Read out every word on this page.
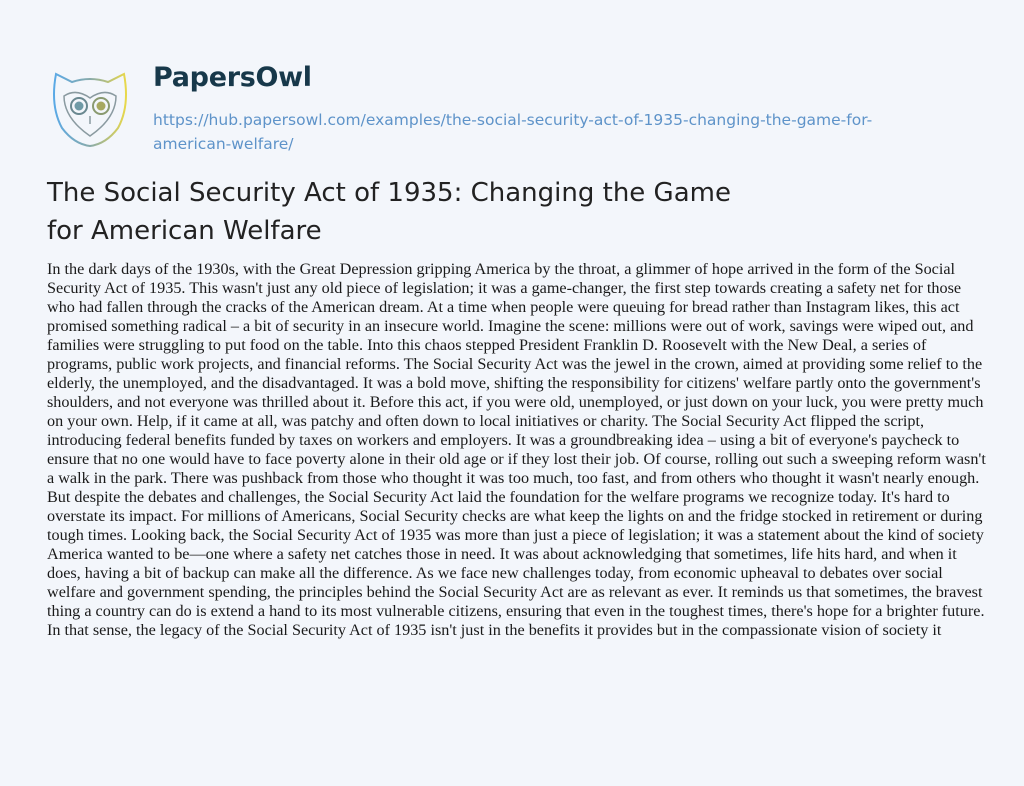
PapersOwl
https://hub.papersowl.com/examples/the-social-security-act-of-1935-changing-the-game-for-
american-welfare/
The Social Security Act of 1935: Changing the Game
for American Welfare
In the dark days of the 1930s, with the Great Depression gripping America by the throat, a glimmer of hope arrived in the form of the Social
Security Act of 1935. This wasn't just any old piece of legislation; it was a game-changer, the first step towards creating a safety net for those
who had fallen through the cracks of the American dream. At a time when people were queuing for bread rather than Instagram likes, this act
promised something radical – a bit of security in an insecure world. Imagine the scene: millions were out of work, savings were wiped out, and
families were struggling to put food on the table. Into this chaos stepped President Franklin D. Roosevelt with the New Deal, a series of
programs, public work projects, and financial reforms. The Social Security Act was the jewel in the crown, aimed at providing some relief to the
elderly, the unemployed, and the disadvantaged. It was a bold move, shifting the responsibility for citizens' welfare partly onto the government's
shoulders, and not everyone was thrilled about it. Before this act, if you were old, unemployed, or just down on your luck, you were pretty much
on your own. Help, if it came at all, was patchy and often down to local initiatives or charity. The Social Security Act flipped the script,
introducing federal benefits funded by taxes on workers and employers. It was a groundbreaking idea – using a bit of everyone's paycheck to
ensure that no one would have to face poverty alone in their old age or if they lost their job. Of course, rolling out such a sweeping reform wasn't
a walk in the park. There was pushback from those who thought it was too much, too fast, and from others who thought it wasn't nearly enough.
But despite the debates and challenges, the Social Security Act laid the foundation for the welfare programs we recognize today. It's hard to
overstate its impact. For millions of Americans, Social Security checks are what keep the lights on and the fridge stocked in retirement or during
tough times. Looking back, the Social Security Act of 1935 was more than just a piece of legislation; it was a statement about the kind of society
America wanted to be—one where a safety net catches those in need. It was about acknowledging that sometimes, life hits hard, and when it
does, having a bit of backup can make all the difference. As we face new challenges today, from economic upheaval to debates over social
welfare and government spending, the principles behind the Social Security Act are as relevant as ever. It reminds us that sometimes, the bravest
thing a country can do is extend a hand to its most vulnerable citizens, ensuring that even in the toughest times, there's hope for a brighter future.
In that sense, the legacy of the Social Security Act of 1935 isn't just in the benefits it provides but in the compassionate vision of society it
